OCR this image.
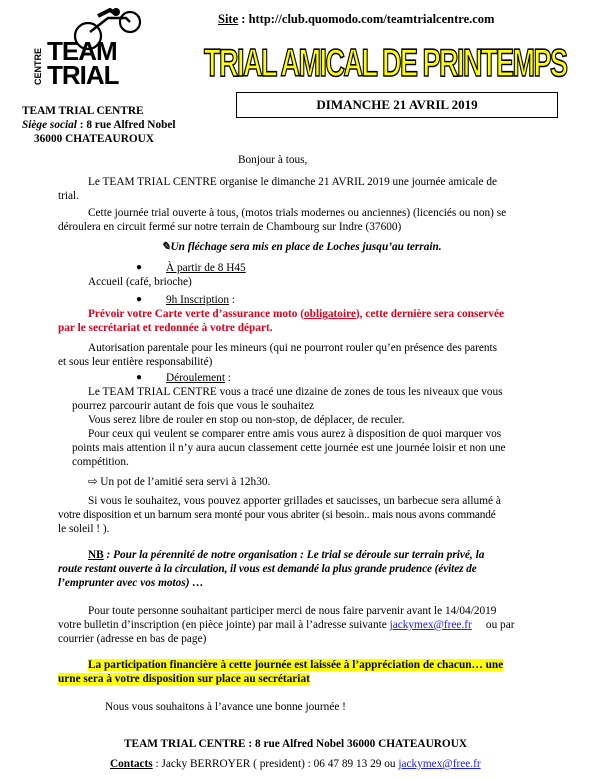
CENTRE TEAM
TRIAL
Site : http://club.quomodo.com/teamtrialcentre.com
TRIAL AMICAL DE PRINTEMPS
DIMANCHE 21 AVRIL 2019
TEAM TRIAL CENTRE
Siège social : 8 rue Alfred Nobel
36000 CHATEAUROUX
Bonjour à tous,
Le TEAM TRIAL CENTRE organise le dimanche 21 AVRIL 2019 une journée amicale de
trial.
Cette journée trial ouverte à tous, (motos trials modernes ou anciennes) (licenciés ou non) se
déroulera en circuit fermé sur notre terrain de Chambourg sur Indre (37600)
✎Un fléchage sera mis en place de Loches jusqu’au terrain.
● À partir de 8 H45
Accueil (café, brioche)
● 9h Inscription :
Prévoir votre Carte verte d’assurance moto (obligatoire), cette dernière sera conservée
par le secrétariat et redonnée à votre départ.
Autorisation parentale pour les mineurs (qui ne pourront rouler qu’en présence des parents
et sous leur entière responsabilité)
● Déroulement :
Le TEAM TRIAL CENTRE vous a tracé une dizaine de zones de tous les niveaux que vous
pourrez parcourir autant de fois que vous le souhaitez
Vous serez libre de rouler en stop ou non-stop, de déplacer, de reculer.
Pour ceux qui veulent se comparer entre amis vous aurez à disposition de quoi marquer vos
points mais attention il n’y aura aucun classement cette journée est une journée loisir et non une
compétition.
⇨ Un pot de l’amitié sera servi à 12h30.
Si vous le souhaitez, vous pouvez apporter grillades et saucisses, un barbecue sera allumé à
votre disposition et un barnum sera monté pour vous abriter (si besoin.. mais nous avons commandé
le soleil ! ).
NB : Pour la pérennité de notre organisation : Le trial se déroule sur terrain privé, la
route restant ouverte à la circulation, il vous est demandé la plus grande prudence (évitez de
l’emprunter avec vos motos) …
Pour toute personne souhaitant participer merci de nous faire parvenir avant le 14/04/2019
votre bulletin d’inscription (en pièce jointe) par mail à l’adresse suivante jackymex@free.fr     ou par
courrier (adresse en bas de page)
La participation financière à cette journée est laissée à l’appréciation de chacun… une
urne sera à votre disposition sur place au secrétariat
Nous vous souhaitons à l’avance une bonne journée !
TEAM TRIAL CENTRE : 8 rue Alfred Nobel 36000 CHATEAUROUX
Contacts : Jacky BERROYER ( president) : 06 47 89 13 29 ou jackymex@free.fr
